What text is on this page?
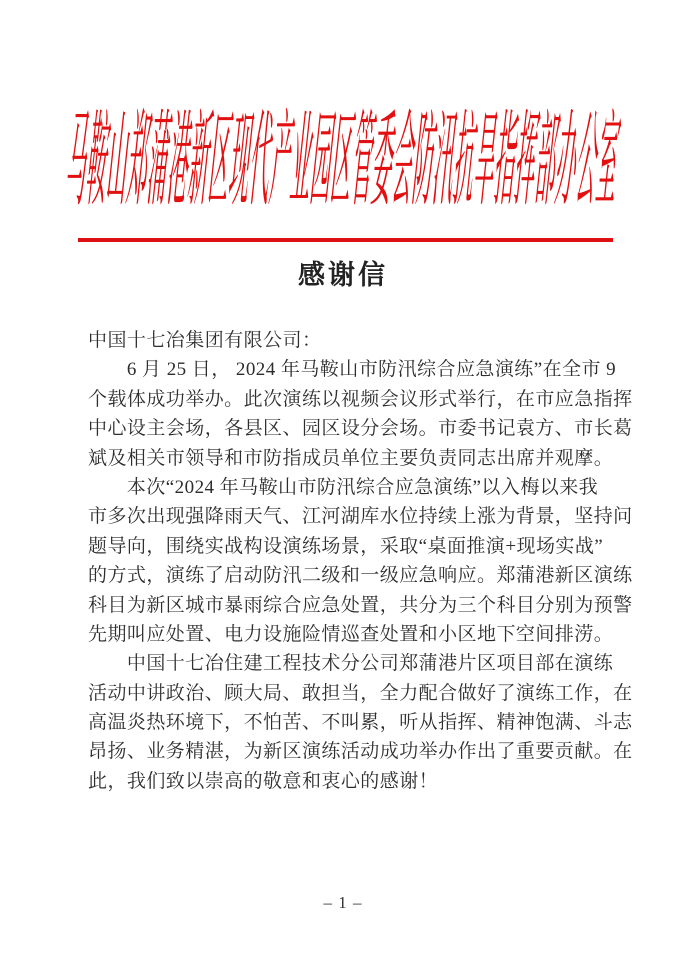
马鞍山郑蒲港新区现代产业园区管委会防汛抗旱指挥部办公室
感谢信
中国十七冶集团有限公司：
　　6 月 25 日， 2024 年马鞍山市防汛综合应急演练”在全市 9
个载体成功举办。此次演练以视频会议形式举行，在市应急指挥
中心设主会场，各县区、园区设分会场。市委书记袁方、市长葛
斌及相关市领导和市防指成员单位主要负责同志出席并观摩。
　　本次“2024 年马鞍山市防汛综合应急演练”以入梅以来我
市多次出现强降雨天气、江河湖库水位持续上涨为背景，坚持问
题导向，围绕实战构设演练场景，采取“桌面推演+现场实战”
的方式，演练了启动防汛二级和一级应急响应。郑蒲港新区演练
科目为新区城市暴雨综合应急处置，共分为三个科目分别为预警
先期叫应处置、电力设施险情巡查处置和小区地下空间排涝。
　　中国十七冶住建工程技术分公司郑蒲港片区项目部在演练
活动中讲政治、顾大局、敢担当，全力配合做好了演练工作，在
高温炎热环境下，不怕苦、不叫累，听从指挥、精神饱满、斗志
昂扬、业务精湛，为新区演练活动成功举办作出了重要贡献。在
此，我们致以崇高的敬意和衷心的感谢！
– 1 –
